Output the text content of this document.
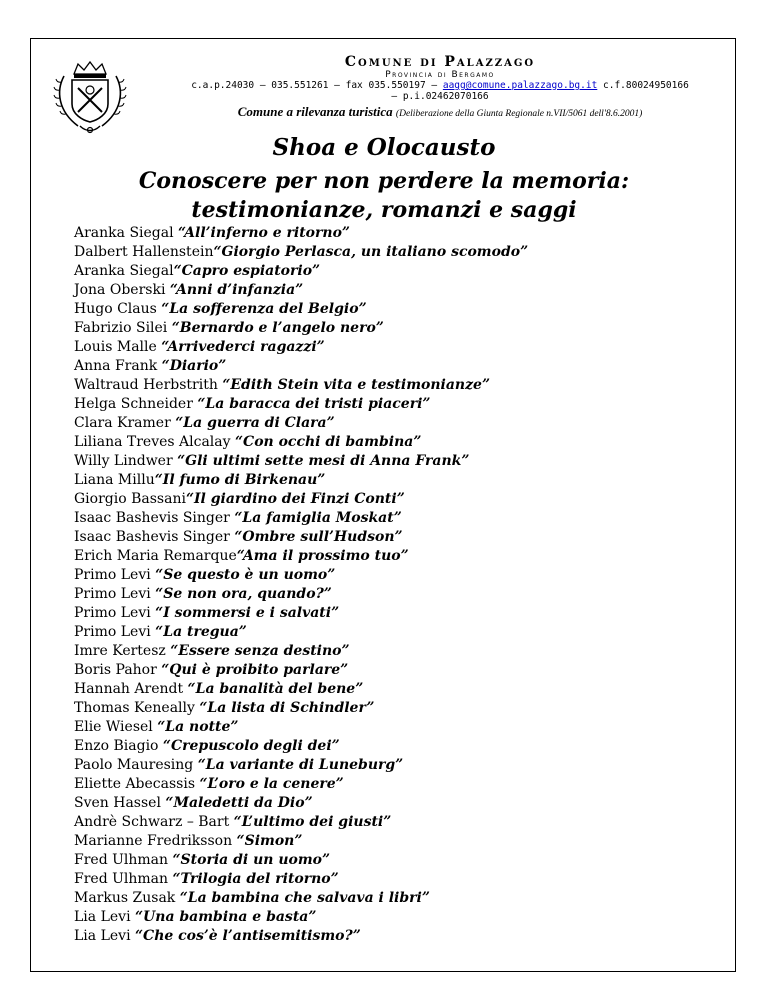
Comune di Palazzago
Provincia di Bergamo
c.a.p.24030 – 035.551261 – fax 035.550197 – aagg@comune.palazzago.bg.it c.f.80024950166
– p.i.02462070166
Comune a rilevanza turistica (Deliberazione della Giunta Regionale n.VII/5061 dell'8.6.2001)
Shoa e Olocausto
Conoscere per non perdere la memoria:
testimonianze, romanzi e saggi
Aranka Siegal “All’inferno e ritorno”
Dalbert Hallenstein“Giorgio Perlasca, un italiano scomodo”
Aranka Siegal“Capro espiatorio”
Jona Oberski “Anni d’infanzia”
Hugo Claus “La sofferenza del Belgio”
Fabrizio Silei “Bernardo e l’angelo nero”
Louis Malle “Arrivederci ragazzi”
Anna Frank “Diario”
Waltraud Herbstrith “Edith Stein vita e testimonianze”
Helga Schneider “La baracca dei tristi piaceri”
Clara Kramer “La guerra di Clara”
Liliana Treves Alcalay “Con occhi di bambina”
Willy Lindwer “Gli ultimi sette mesi di Anna Frank”
Liana Millu“Il fumo di Birkenau”
Giorgio Bassani“Il giardino dei Finzi Conti”
Isaac Bashevis Singer “La famiglia Moskat”
Isaac Bashevis Singer “Ombre sull’Hudson”
Erich Maria Remarque“Ama il prossimo tuo”
Primo Levi “Se questo è un uomo”
Primo Levi “Se non ora, quando?”
Primo Levi “I sommersi e i salvati”
Primo Levi “La tregua”
Imre Kertesz “Essere senza destino”
Boris Pahor “Qui è proibito parlare”
Hannah Arendt “La banalità del bene”
Thomas Keneally “La lista di Schindler”
Elie Wiesel “La notte”
Enzo Biagio “Crepuscolo degli dei”
Paolo Mauresing “La variante di Luneburg”
Eliette Abecassis “L’oro e la cenere”
Sven Hassel “Maledetti da Dio”
Andrè Schwarz – Bart “L’ultimo dei giusti”
Marianne Fredriksson “Simon”
Fred Ulhman “Storia di un uomo”
Fred Ulhman “Trilogia del ritorno”
Markus Zusak “La bambina che salvava i libri”
Lia Levi “Una bambina e basta”
Lia Levi “Che cos’è l’antisemitismo?”
